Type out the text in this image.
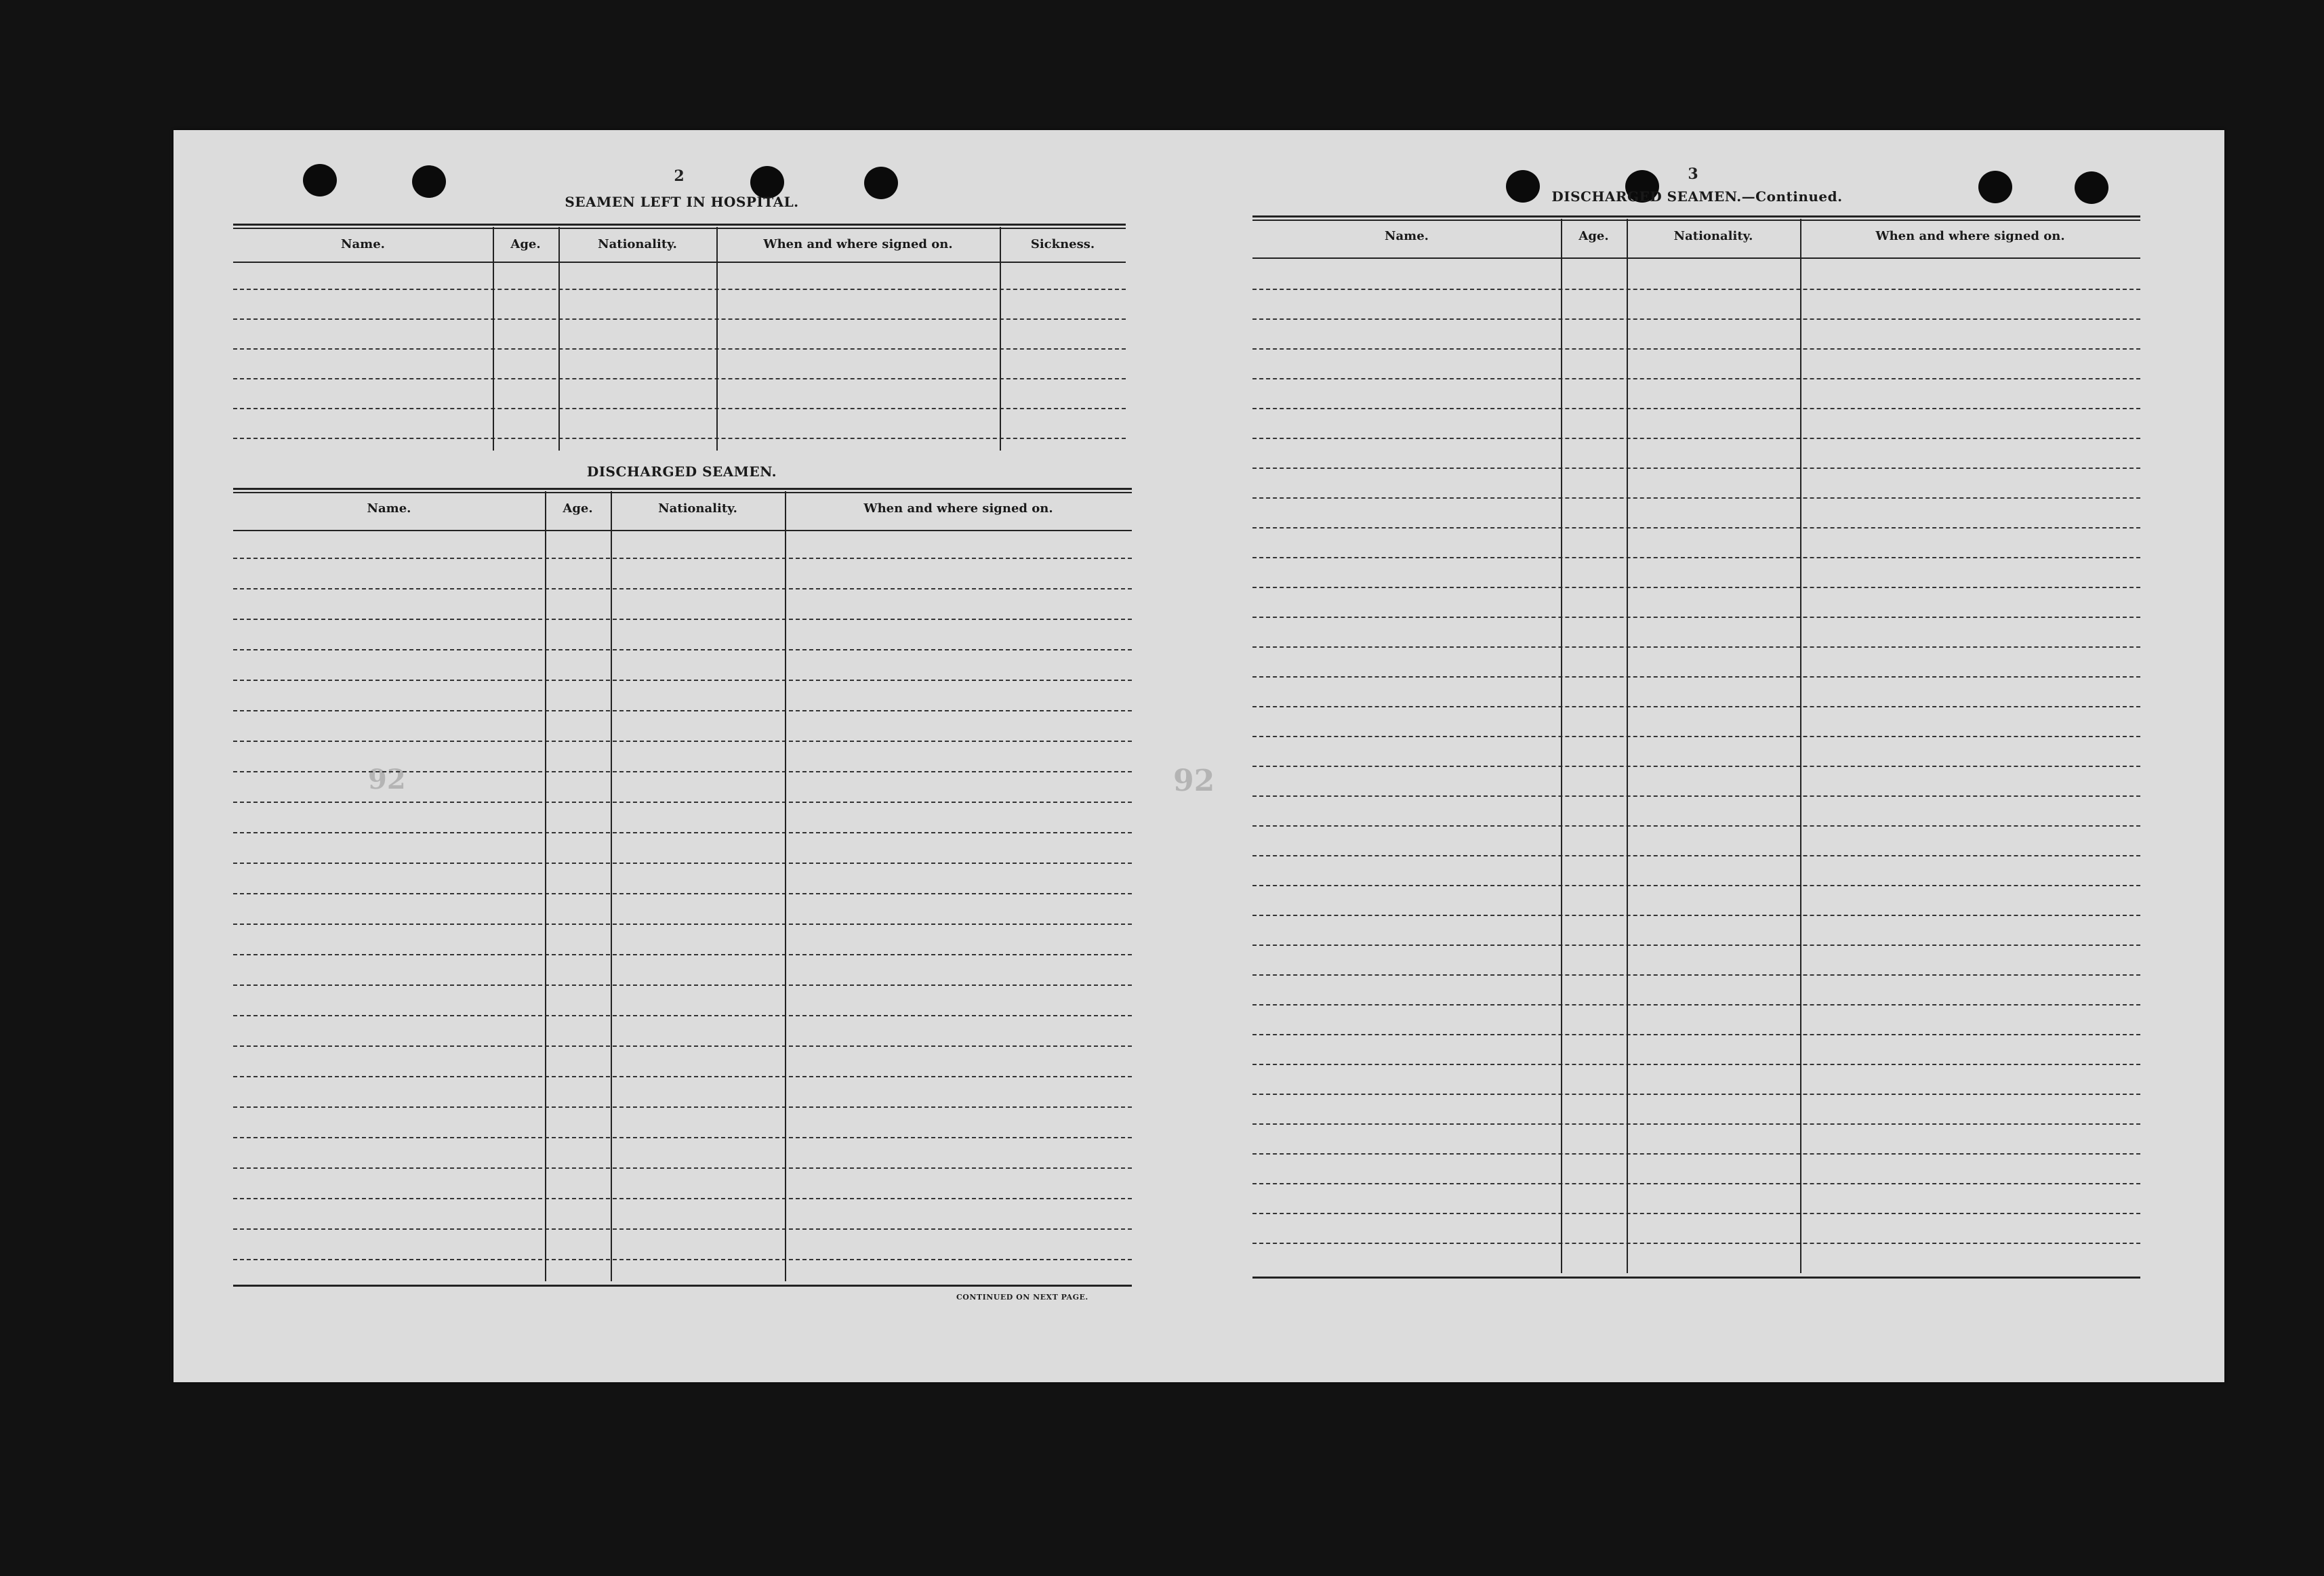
92
92
2
SEAMEN LEFT IN HOSPITAL.
Name.	Age.	Nationality.	When and where signed on.	Sickness.
DISCHARGED SEAMEN.
Name.	Age.	Nationality.	When and where signed on.
CONTINUED ON NEXT PAGE.
3
DISCHARGED SEAMEN.—Continued.
Name.	Age.	Nationality.	When and where signed on.
